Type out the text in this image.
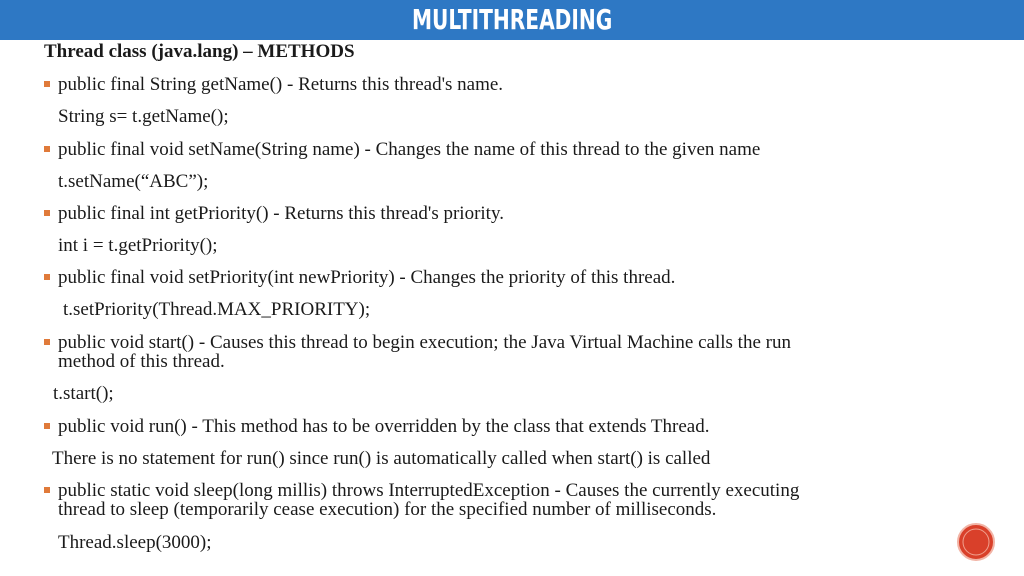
MULTITHREADING
Thread class (java.lang) – METHODS
public final String getName() - Returns this thread's name.
String s= t.getName();
public final void setName(String name) - Changes the name of this thread to the given name
t.setName(“ABC”);
public final int getPriority() - Returns this thread's priority.
int i = t.getPriority();
public final void setPriority(int newPriority) - Changes the priority of this thread.
t.setPriority(Thread.MAX_PRIORITY);
public void start() - Causes this thread to begin execution; the Java Virtual Machine calls the run
method of this thread.
t.start();
public void run() - This method has to be overridden by the class that extends Thread.
There is no statement for run() since run() is automatically called when start() is called
public static void sleep(long millis) throws InterruptedException - Causes the currently executing
thread to sleep (temporarily cease execution) for the specified number of milliseconds.
Thread.sleep(3000);
